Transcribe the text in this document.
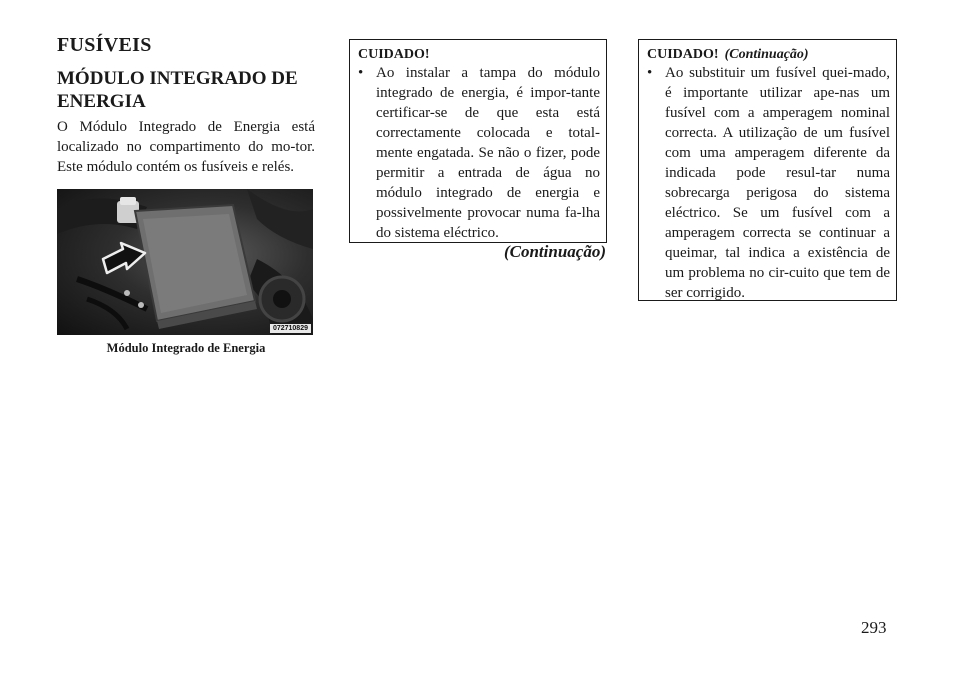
FUSÍVEIS
MÓDULO INTEGRADO DE ENERGIA

O Módulo Integrado de Energia está localizado no compartimento do mo-tor. Este módulo contém os fusíveis e relés.

072710829
Módulo Integrado de Energia
CUIDADO!
• Ao instalar a tampa do módulo integrado de energia, é impor-tante certificar-se de que esta está correctamente colocada e total-mente engatada. Se não o fizer, pode permitir a entrada de água no módulo integrado de energia e possivelmente provocar numa fa-lha do sistema eléctrico.
(Continuação)
CUIDADO! (Continuação)
• Ao substituir um fusível quei-mado, é importante utilizar ape-nas um fusível com a amperagem nominal correcta. A utilização de um fusível com uma amperagem diferente da indicada pode resul-tar numa sobrecarga perigosa do sistema eléctrico. Se um fusível com a amperagem correcta se continuar a queimar, tal indica a existência de um problema no cir-cuito que tem de ser corrigido.
293
